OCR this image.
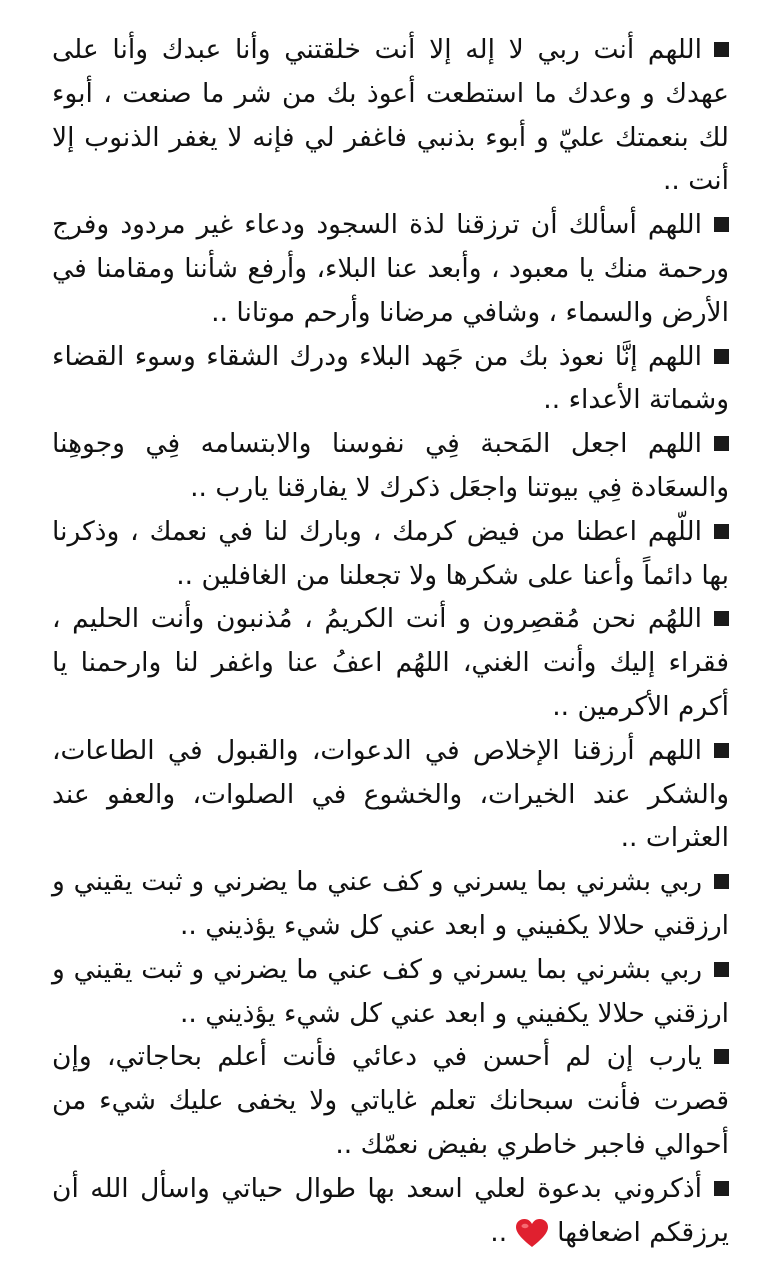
اللهم أنت ربي لا إله إلا أنت خلقتني وأنا عبدك وأنا على عهدك و وعدك ما استطعت أعوذ بك من شر ما صنعت ، أبوء لك بنعمتك عليّ و أبوء بذنبي فاغفر لي فإنه لا يغفر الذنوب إلا أنت ..

اللهم أسألك أن ترزقنا لذة السجود ودعاء غير مردود وفرج ورحمة منك يا معبود ، وأبعد عنا البلاء، وأرفع شأننا ومقامنا في الأرض والسماء ، وشافي مرضانا وأرحم موتانا ..

اللهم إنَّا نعوذ بك من جَهد البلاء ودرك الشقاء وسوء القضاء وشماتة الأعداء ..

اللهم اجعل المَحبة فِي نفوسنا والابتسامه فِي وجوهِنا والسعَادة فِي بيوتنا واجعَل ذكرك لا يفارقنا يارب ..

اللّهم اعطنا من فيض كرمك ، وبارك لنا في نعمك ، وذكرنا بها دائماً وأعنا على شكرها ولا تجعلنا من الغافلين ..

اللهُم نحن مُقصِرون و أنت الكريمُ ، مُذنبون وأنت الحليم ، فقراء إليك وأنت الغني، اللهُم اعفُ عنا واغفر لنا وارحمنا يا أكرم الأكرمين ..

اللهم أرزقنا الإخلاص في الدعوات، والقبول في الطاعات، والشكر عند الخيرات، والخشوع في الصلوات، والعفو عند العثرات ..

ربي بشرني بما يسرني و كف عني ما يضرني و ثبت يقيني و ارزقني حلالا يكفيني و ابعد عني كل شيء يؤذيني ..

ربي بشرني بما يسرني و كف عني ما يضرني و ثبت يقيني و ارزقني حلالا يكفيني و ابعد عني كل شيء يؤذيني ..

يارب إن لم أحسن في دعائي فأنت أعلم بحاجاتي، وإن قصرت فأنت سبحانك تعلم غاياتي ولا يخفى عليك شيء من أحوالي فاجبر خاطري بفيض نعمّك ..

أذكروني بدعوة لعلي اسعد بها طوال حياتي واسأل الله أن يرزقكم اضعافها..
